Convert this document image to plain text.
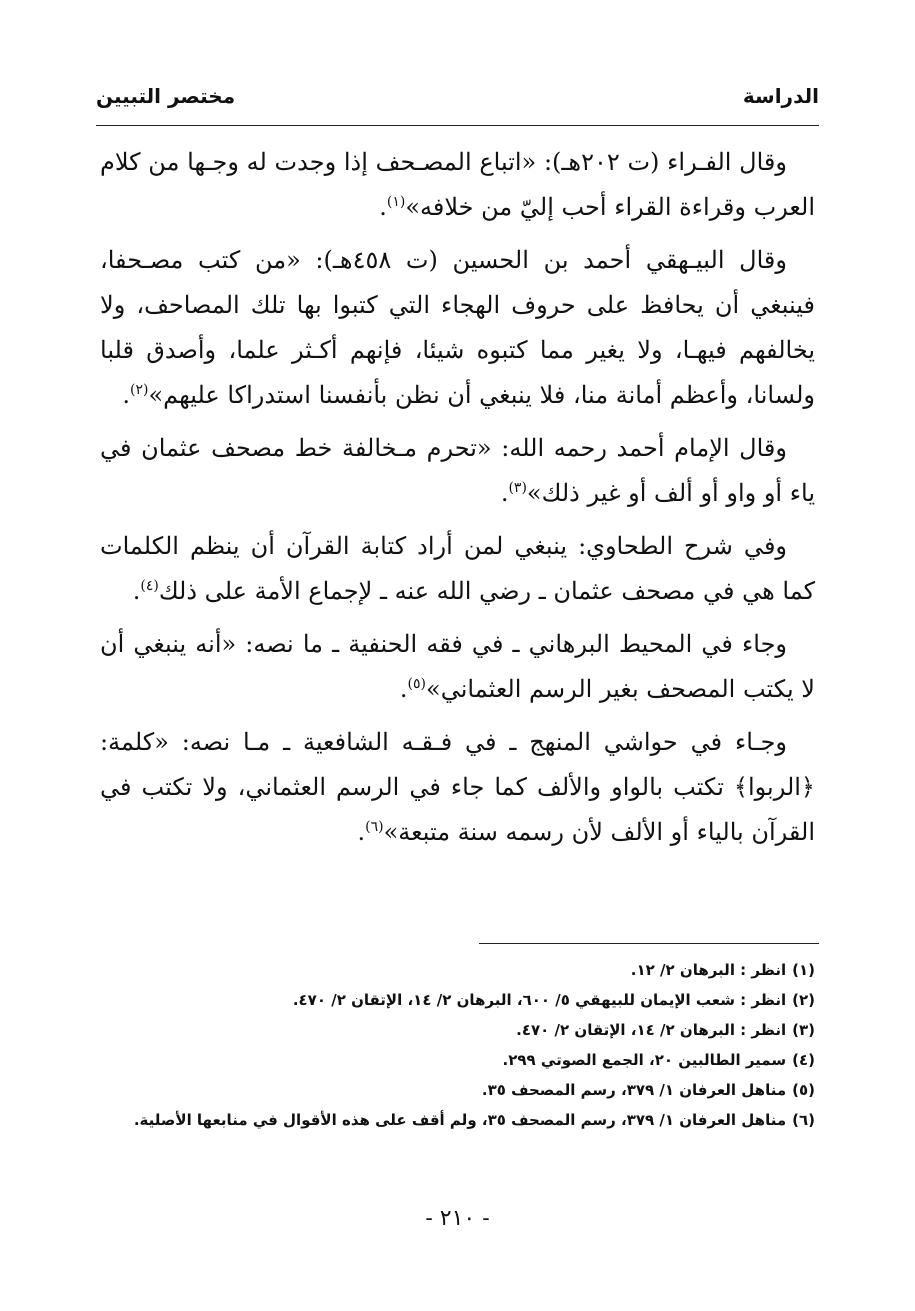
الدراسة
مختصر التبيين

وقال الفـراء (ت ٢٠٢هـ): «اتباع المصـحف إذا وجدت له وجـها من كلام العرب وقراءة القراء أحب إليّ من خلافه»$^{(١)}$.

وقال البيـهقي أحمد بن الحسين (ت ٤٥٨هـ): «من كتب مصـحفا، فينبغي أن يحافظ على حروف الهجاء التي كتبوا بها تلك المصاحف، ولا يخالفهم فيهـا، ولا يغير مما كتبوه شيئا، فإنهم أكـثر علما، وأصدق قلبا ولسانا، وأعظم أمانة منا، فلا ينبغي أن نظن بأنفسنا استدراكا عليهم»$^{(٢)}$.

وقال الإمام أحمد رحمه الله: «تحرم مـخالفة خط مصحف عثمان في ياء أو واو أو ألف أو غير ذلك»$^{(٣)}$.

وفي شرح الطحاوي: ينبغي لمن أراد كتابة القرآن أن ينظم الكلمات كما هي في مصحف عثمان ـ رضي الله عنه ـ لإجماع الأمة على ذلك$^{(٤)}$.

وجاء في المحيط البرهاني ـ في فقه الحنفية ـ ما نصه: «أنه ينبغي أن لا يكتب المصحف بغير الرسم العثماني»$^{(٥)}$.

وجـاء في حواشي المنهج ـ في فـقـه الشافعية ـ مـا نصه: «كلمة: ﴿الربوا﴾ تكتب بالواو والألف كما جاء في الرسم العثماني، ولا تكتب في القرآن بالياء أو الألف لأن رسمه سنة متبعة»$^{(٦)}$.

(١)انظر : البرهان ٢/ ١٢.
(٢)انظر : شعب الإيمان للبيهقي ٥/ ٦٠٠، البرهان ٢/ ١٤، الإتقان ٢/ ٤٧٠.
(٣)انظر : البرهان ٢/ ١٤، الإتقان ٢/ ٤٧٠.
(٤)سمير الطالبين ٢٠، الجمع الصوتي ٢٩٩.
(٥)مناهل العرفان ١/ ٣٧٩، رسم المصحف ٣٥.
(٦)مناهل العرفان ١/ ٣٧٩، رسم المصحف ٣٥، ولم أقف على هذه الأقوال في منابعها الأصلية.
- ٢١٠ -
